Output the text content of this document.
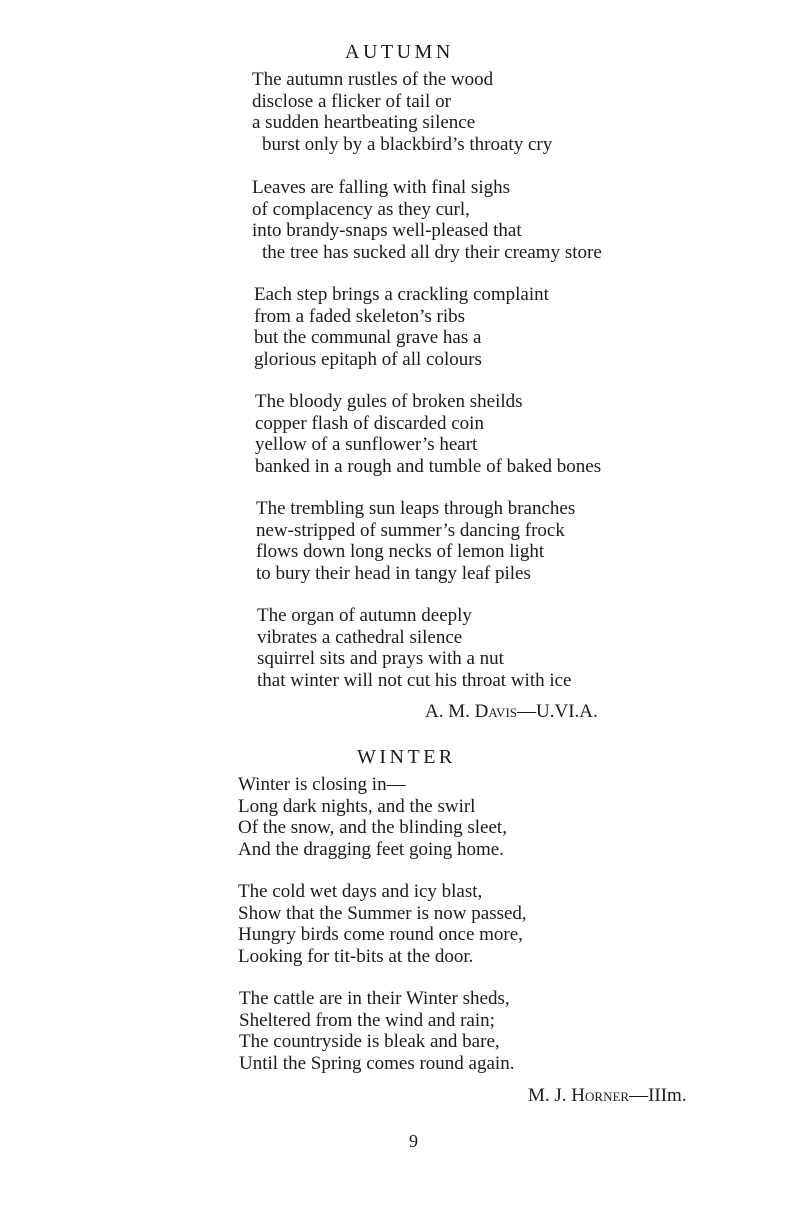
AUTUMN
The autumn rustles of the wood
disclose a flicker of tail or
a sudden heartbeating silence
burst only by a blackbird’s throaty cry
Leaves are falling with final sighs
of complacency as they curl,
into brandy-snaps well-pleased that
the tree has sucked all dry their creamy store
Each step brings a crackling complaint
from a faded skeleton’s ribs
but the communal grave has a
glorious epitaph of all colours
The bloody gules of broken sheilds
copper flash of discarded coin
yellow of a sunflower’s heart
banked in a rough and tumble of baked bones
The trembling sun leaps through branches
new-stripped of summer’s dancing frock
flows down long necks of lemon light
to bury their head in tangy leaf piles
The organ of autumn deeply
vibrates a cathedral silence
squirrel sits and prays with a nut
that winter will not cut his throat with ice

A. M. Davis—U.VI.A.

WINTER
Winter is closing in—
Long dark nights, and the swirl
Of the snow, and the blinding sleet,
And the dragging feet going home.
The cold wet days and icy blast,
Show that the Summer is now passed,
Hungry birds come round once more,
Looking for tit-bits at the door.
The cattle are in their Winter sheds,
Sheltered from the wind and rain;
The countryside is bleak and bare,
Until the Spring comes round again.

M. J. Horner—IIIm.

9
